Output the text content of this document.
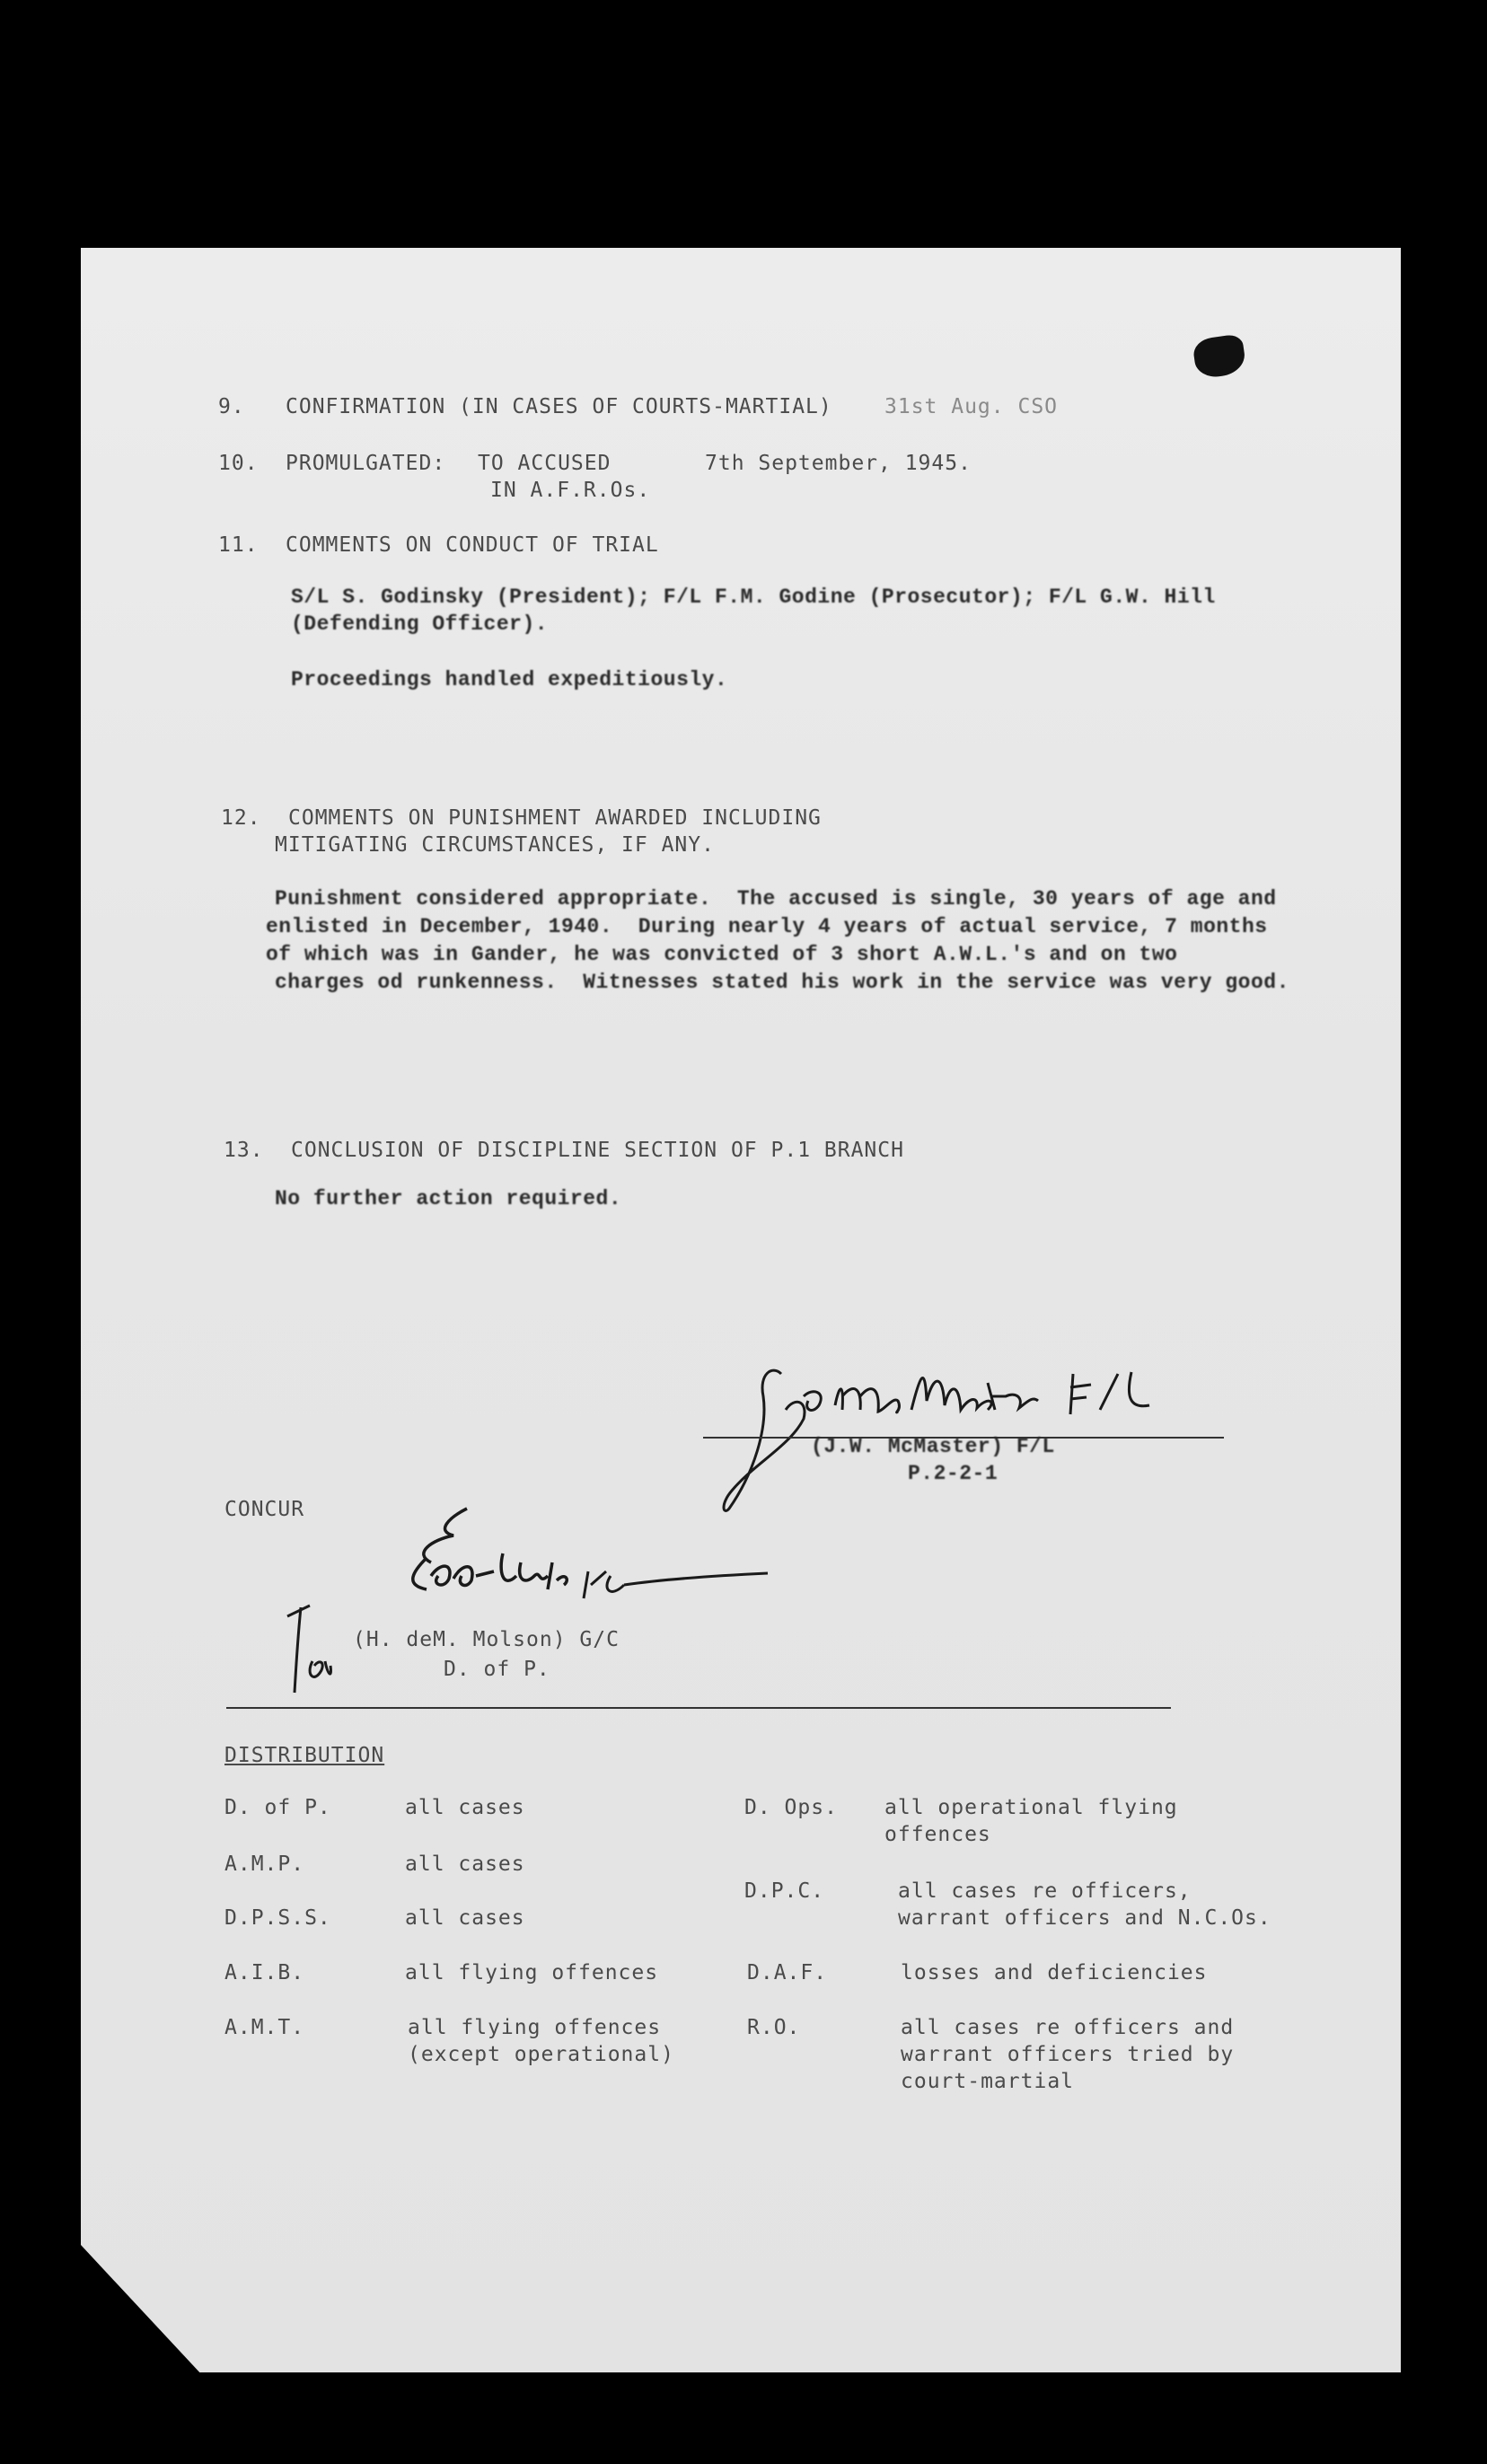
9. CONFIRMATION (IN CASES OF COURTS-MARTIAL)	31st Aug. CSO
10. PROMULGATED: TO ACCUSED	7th September, 1945.
IN A.F.R.Os.
11. COMMENTS ON CONDUCT OF TRIAL
S/L S. Godinsky (President); F/L F.M. Godine (Prosecutor); F/L G.W. Hill
(Defending Officer).
Proceedings handled expeditiously.
12. COMMENTS ON PUNISHMENT AWARDED INCLUDING
MITIGATING CIRCUMSTANCES, IF ANY.
Punishment considered appropriate.  The accused is single, 30 years of age and
enlisted in December, 1940.  During nearly 4 years of actual service, 7 months
of which was in Gander, he was convicted of 3 short A.W.L.'s and on two
charges od runkenness.  Witnesses stated his work in the service was very good.
13. CONCLUSION OF DISCIPLINE SECTION OF P.1 BRANCH
No further action required.
(J.W. McMaster) F/L
P.2-2-1
CONCUR
(H. deM. Molson) G/C
D. of P.
DISTRIBUTION
D. of P.	all cases
A.M.P.	all cases
D.P.S.S.	all cases
A.I.B.	all flying offences
A.M.T.	all flying offences
(except operational)
D. Ops. all operational flying
offences
D.P.C.	all cases re officers,
warrant officers and N.C.Os.
D.A.F.	losses and deficiencies
R.O.	all cases re officers and
warrant officers tried by
court-martial
